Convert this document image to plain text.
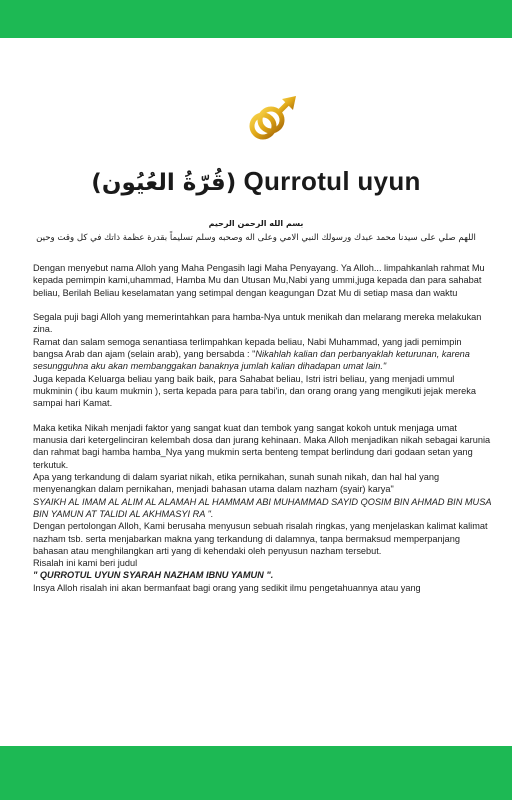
(قُرّةُ العُيُون) Qurrotul uyun
بسم الله الرحمن الرحيم
اللهم صلي على سيدنا محمد عبدك ورسولك النبي الامي وعلى اله وصحبه وسلم تسليماً بقدرة عظمة ذاتك في كل وقت وحين

Dengan menyebut nama Alloh yang Maha Pengasih lagi Maha Penyayang. Ya Alloh... limpahkanlah rahmat Mu kepada pemimpin kami,uhammad, Hamba Mu dan Utusan Mu,Nabi yang ummi,juga kepada dan para sahabat beliau, Berilah Beliau keselamatan yang setimpal dengan keagungan Dzat Mu di setiap masa dan waktu

Segala puji bagi Alloh yang memerintahkan para hamba-Nya untuk menikah dan melarang mereka melakukan zina.

Ramat dan salam semoga senantiasa terlimpahkan kepada beliau, Nabi Muhammad, yang jadi pemimpin bangsa Arab dan ajam (selain arab), yang bersabda : "Nikahlah kalian dan perbanyaklah keturunan, karena sesungguhna aku akan membanggakan banaknya jumlah kalian dihadapan umat lain."

Juga kepada Keluarga beliau yang baik baik, para Sahabat beliau, Istri istri beliau, yang menjadi ummul mukminin ( ibu kaum mukmin ), serta kepada para para tabi'in, dan orang orang yang mengikuti jejak mereka sampai hari Kamat.

Maka ketika Nikah menjadi faktor yang sangat kuat dan tembok yang sangat kokoh untuk menjaga umat manusia dari ketergelinciran kelembah dosa dan jurang kehinaan. Maka Alloh menjadikan nikah sebagai karunia dan rahmat bagi hamba hamba_Nya yang mukmin serta benteng tempat berlindung dari godaan setan yang terkutuk.

Apa yang terkandung di dalam syariat nikah, etika pernikahan, sunah sunah nikah, dan hal hal yang menyenangkan dalam pernikahan, menjadi bahasan utama dalam nazham (syair) karya"
SYAIKH AL IMAM AL ALIM AL ALAMAH AL HAMMAM ABI MUHAMMAD SAYID QOSIM BIN AHMAD BIN MUSA BIN YAMUN AT TALIDI AL AKHMASYI RA ".

Dengan pertolongan Alloh, Kami berusaha menyusun sebuah risalah ringkas, yang menjelaskan kalimat kalimat nazham tsb. serta menjabarkan makna yang terkandung di dalamnya, tanpa bermaksud memperpanjang bahasan atau menghilangkan arti yang di kehendaki oleh penyusun nazham tersebut.

Risalah ini kami beri judul

" QURROTUL UYUN SYARAH NAZHAM IBNU YAMUN ".

Insya Alloh risalah ini akan bermanfaat bagi orang yang sedikit ilmu pengetahuannya atau yang
